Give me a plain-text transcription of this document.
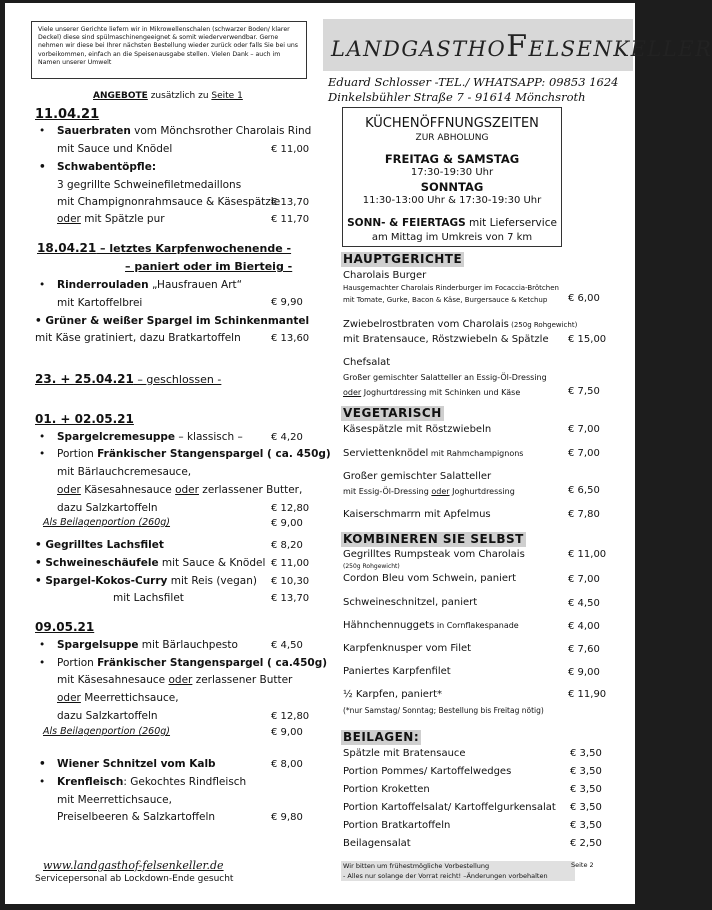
Viele unserer Gerichte liefern wir in Mikrowellenschalen (schwarzer Boden/ klarer Deckel) diese sind spülmaschinengeeignet & somit wiederverwendbar. Gerne nehmen wir diese bei Ihrer nächsten Bestellung wieder zurück oder falls Sie bei uns vorbeikommen, einfach an die Speisenausgabe stellen. Vielen Dank – auch im Namen unserer Umwelt
LANDGASTHOFELSENKELLER
Eduard Schlosser -TEL./ WHATSAPP: 09853 1624
Dinkelsbühler Straße 7 - 91614 Mönchsroth
ANGEBOTE zusätzlich zu Seite 1
11.04.21
• Sauerbraten vom Mönchsrother Charolais Rind
mit Sauce und Knödel	€ 11,00
• Schwabentöpfle:
3 gegrillte Schweinefiletmedaillons
mit Champignonrahmsauce & Käsespätzle
€ 13,70
oder mit Spätzle pur	€ 11,70
18.04.21 – letztes Karpfenwochenende -
– paniert oder im Bierteig -
• Rinderrouladen „Hausfrauen Art“
mit Kartoffelbrei	€ 9,90
• Grüner & weißer Spargel im Schinkenmantel
mit Käse gratiniert, dazu Bratkartoffeln	€ 13,60
23. + 25.04.21 – geschlossen -
01. + 02.05.21
• Spargelcremesuppe – klassisch –	€ 4,20
• Portion Fränkischer Stangenspargel ( ca. 450g)
mit Bärlauchcremesauce,
oder Käsesahnesauce oder zerlassener Butter,
dazu Salzkartoffeln	€ 12,80
Als Beilagenportion (260g)	€ 9,00
• Gegrilltes Lachsfilet	€ 8,20
• Schweineschäufele mit Sauce & Knödel € 11,00
• Spargel-Kokos-Curry mit Reis (vegan) € 10,30
mit Lachsfilet	€ 13,70
09.05.21
• Spargelsuppe mit Bärlauchpesto	€ 4,50
• Portion Fränkischer Stangenspargel ( ca.450g)
mit Käsesahnesauce oder zerlassener Butter
oder Meerrettichsauce,
dazu Salzkartoffeln	€ 12,80
Als Beilagenportion (260g)	€ 9,00
• Wiener Schnitzel vom Kalb	€ 8,00
• Krenfleisch: Gekochtes Rindfleisch
mit Meerrettichsauce,
Preiselbeeren & Salzkartoffeln	€ 9,80
www.landgasthof-felsenkeller.de
Servicepersonal ab Lockdown-Ende gesucht
KÜCHENÖFFNUNGSZEITEN
ZUR ABHOLUNG
FREITAG & SAMSTAG
17:30-19:30 Uhr
SONNTAG
11:30-13:00 Uhr & 17:30-19:30 Uhr
SONN- & FEIERTAGS mit Lieferservice
am Mittag im Umkreis von 7 km
HAUPTGERICHTE
Charolais Burger
Hausgemachter Charolais Rinderburger im Focaccia-Brötchen
mit Tomate, Gurke, Bacon & Käse, Burgersauce & Ketchup € 6,00
Zwiebelrostbraten vom Charolais (250g Rohgewicht)
mit Bratensauce, Röstzwiebeln & Spätzle € 15,00
Chefsalat
Großer gemischter Salatteller an Essig-Öl-Dressing
oder Joghurtdressing mit Schinken und Käse	€ 7,50
VEGETARISCH
Käsespätzle mit Röstzwiebeln	€ 7,00
Serviettenknödel mit Rahmchampignons	€ 7,00
Großer gemischter Salatteller
mit Essig-Öl-Dressing oder Joghurtdressing	€ 6,50
Kaiserschmarrn mit Apfelmus	€ 7,80
KOMBINEREN SIE SELBST
Gegrilltes Rumpsteak vom Charolais
(250g Rohgewicht)
€ 11,00
Cordon Bleu vom Schwein, paniert	€ 7,00
Schweineschnitzel, paniert	€ 4,50
Hähnchennuggets in Cornflakespanade	€ 4,00
Karpfenknusper vom Filet	€ 7,60
Paniertes Karpfenfilet	€ 9,00
½ Karpfen, paniert*	€ 11,90
(*nur Samstag/ Sonntag; Bestellung bis Freitag nötig)
BEILAGEN:
Spätzle mit Bratensauce	€ 3,50
Portion Pommes/ Kartoffelwedges	€ 3,50
Portion Kroketten	€ 3,50
Portion Kartoffelsalat/ Kartoffelgurkensalat € 3,50
Portion Bratkartoffeln	€ 3,50
Beilagensalat	€ 2,50
Wir bitten um frühestmögliche Vorbestellung
- Alles nur solange der Vorrat reicht! –Änderungen vorbehalten
Seite 2
